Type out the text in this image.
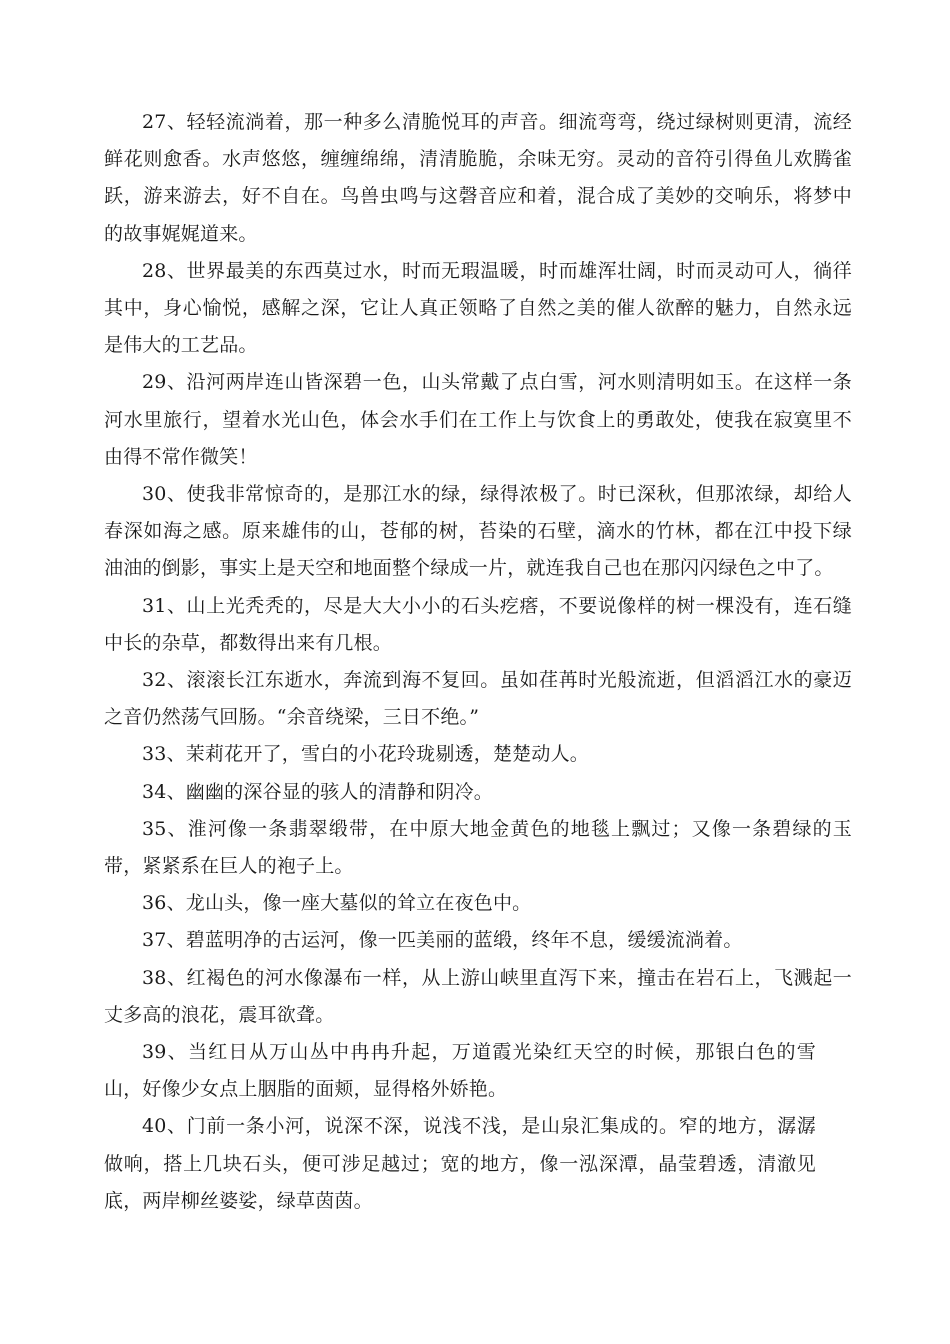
27、轻轻流淌着，那一种多么清脆悦耳的声音。细流弯弯，绕过绿树则更清，流经鲜花则愈香。水声悠悠，缠缠绵绵，清清脆脆，余味无穷。灵动的音符引得鱼儿欢腾雀跃，游来游去，好不自在。鸟兽虫鸣与这磬音应和着，混合成了美妙的交响乐，将梦中的故事娓娓道来。

28、世界最美的东西莫过水，时而无瑕温暖，时而雄浑壮阔，时而灵动可人，徜徉其中，身心愉悦，感解之深，它让人真正领略了自然之美的催人欲醉的魅力，自然永远是伟大的工艺品。

29、沿河两岸连山皆深碧一色，山头常戴了点白雪，河水则清明如玉。在这样一条河水里旅行，望着水光山色，体会水手们在工作上与饮食上的勇敢处，使我在寂寞里不由得不常作微笑！

30、使我非常惊奇的，是那江水的绿，绿得浓极了。时已深秋，但那浓绿，却给人春深如海之感。原来雄伟的山，苍郁的树，苔染的石壁，滴水的竹林，都在江中投下绿油油的倒影，事实上是天空和地面整个绿成一片，就连我自己也在那闪闪绿色之中了。

31、山上光秃秃的，尽是大大小小的石头疙瘩，不要说像样的树一棵没有，连石缝中长的杂草，都数得出来有几根。

32、滚滚长江东逝水，奔流到海不复回。虽如荏苒时光般流逝，但滔滔江水的豪迈之音仍然荡气回肠。“余音绕梁，三日不绝。”

33、茉莉花开了，雪白的小花玲珑剔透，楚楚动人。

34、幽幽的深谷显的骇人的清静和阴冷。

35、淮河像一条翡翠缎带，在中原大地金黄色的地毯上飘过；又像一条碧绿的玉带，紧紧系在巨人的袍子上。

36、龙山头，像一座大墓似的耸立在夜色中。

37、碧蓝明净的古运河，像一匹美丽的蓝缎，终年不息，缓缓流淌着。

38、红褐色的河水像瀑布一样，从上游山峡里直泻下来，撞击在岩石上，飞溅起一丈多高的浪花，震耳欲聋。

39、当红日从万山丛中冉冉升起，万道霞光染红天空的时候，那银白色的雪山，好像少女点上胭脂的面颊，显得格外娇艳。

40、门前一条小河，说深不深，说浅不浅，是山泉汇集成的。窄的地方，潺潺做响，搭上几块石头，便可涉足越过；宽的地方，像一泓深潭，晶莹碧透，清澈见底，两岸柳丝婆娑，绿草茵茵。
